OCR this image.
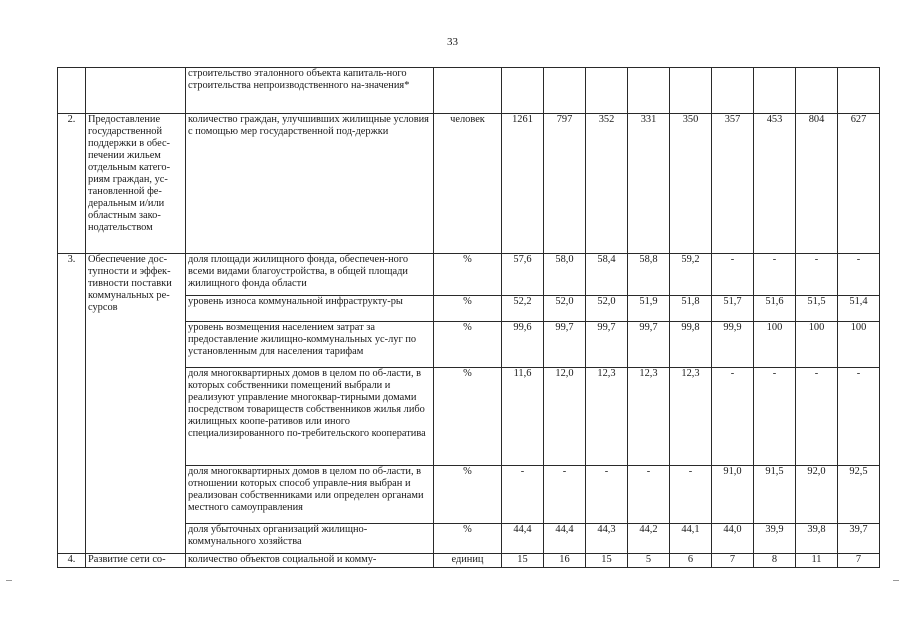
33
		строительство эталонного объекта капиталь-ного строительства непроизводственного на-значения*										
2.	Предоставление государственной поддержки в обес-печении жильем отдельным катего-риям граждан, ус-тановленной фе-деральным и/или областным зако-нодательством	количество граждан, улучшивших жилищные условия с помощью мер государственной под-держки	человек	1261	797	352	331	350	357	453	804	627
3.	Обеспечение дос-тупности и эффек-тивности поставки коммунальных ре-сурсов	доля площади жилищного фонда, обеспечен-ного всеми видами благоустройства, в общей площади жилищного фонда области	%	57,6	58,0	58,4	58,8	59,2	-	-	-	-
		уровень износа коммунальной инфраструкту-ры	%	52,2	52,0	52,0	51,9	51,8	51,7	51,6	51,5	51,4
		уровень возмещения населением затрат за предоставление жилищно-коммунальных ус-луг по установленным для населения тарифам	%	99,6	99,7	99,7	99,7	99,8	99,9	100	100	100
		доля многоквартирных домов в целом по об-ласти, в которых собственники помещений выбрали и реализуют управление многоквар-тирными домами посредством товариществ собственников жилья либо жилищных коопе-ративов или иного специализированного по-требительского кооператива	%	11,6	12,0	12,3	12,3	12,3	-	-	-	-
		доля многоквартирных домов в целом по об-ласти, в отношении которых способ управле-ния выбран и реализован собственниками или определен органами местного самоуправления	%	-	-	-	-	-	91,0	91,5	92,0	92,5
		доля убыточных организаций жилищно-коммунального хозяйства	%	44,4	44,4	44,3	44,2	44,1	44,0	39,9	39,8	39,7
4.	Развитие сети со-	количество объектов социальной и комму-	единиц	15	16	15	5	6	7	8	11	7
